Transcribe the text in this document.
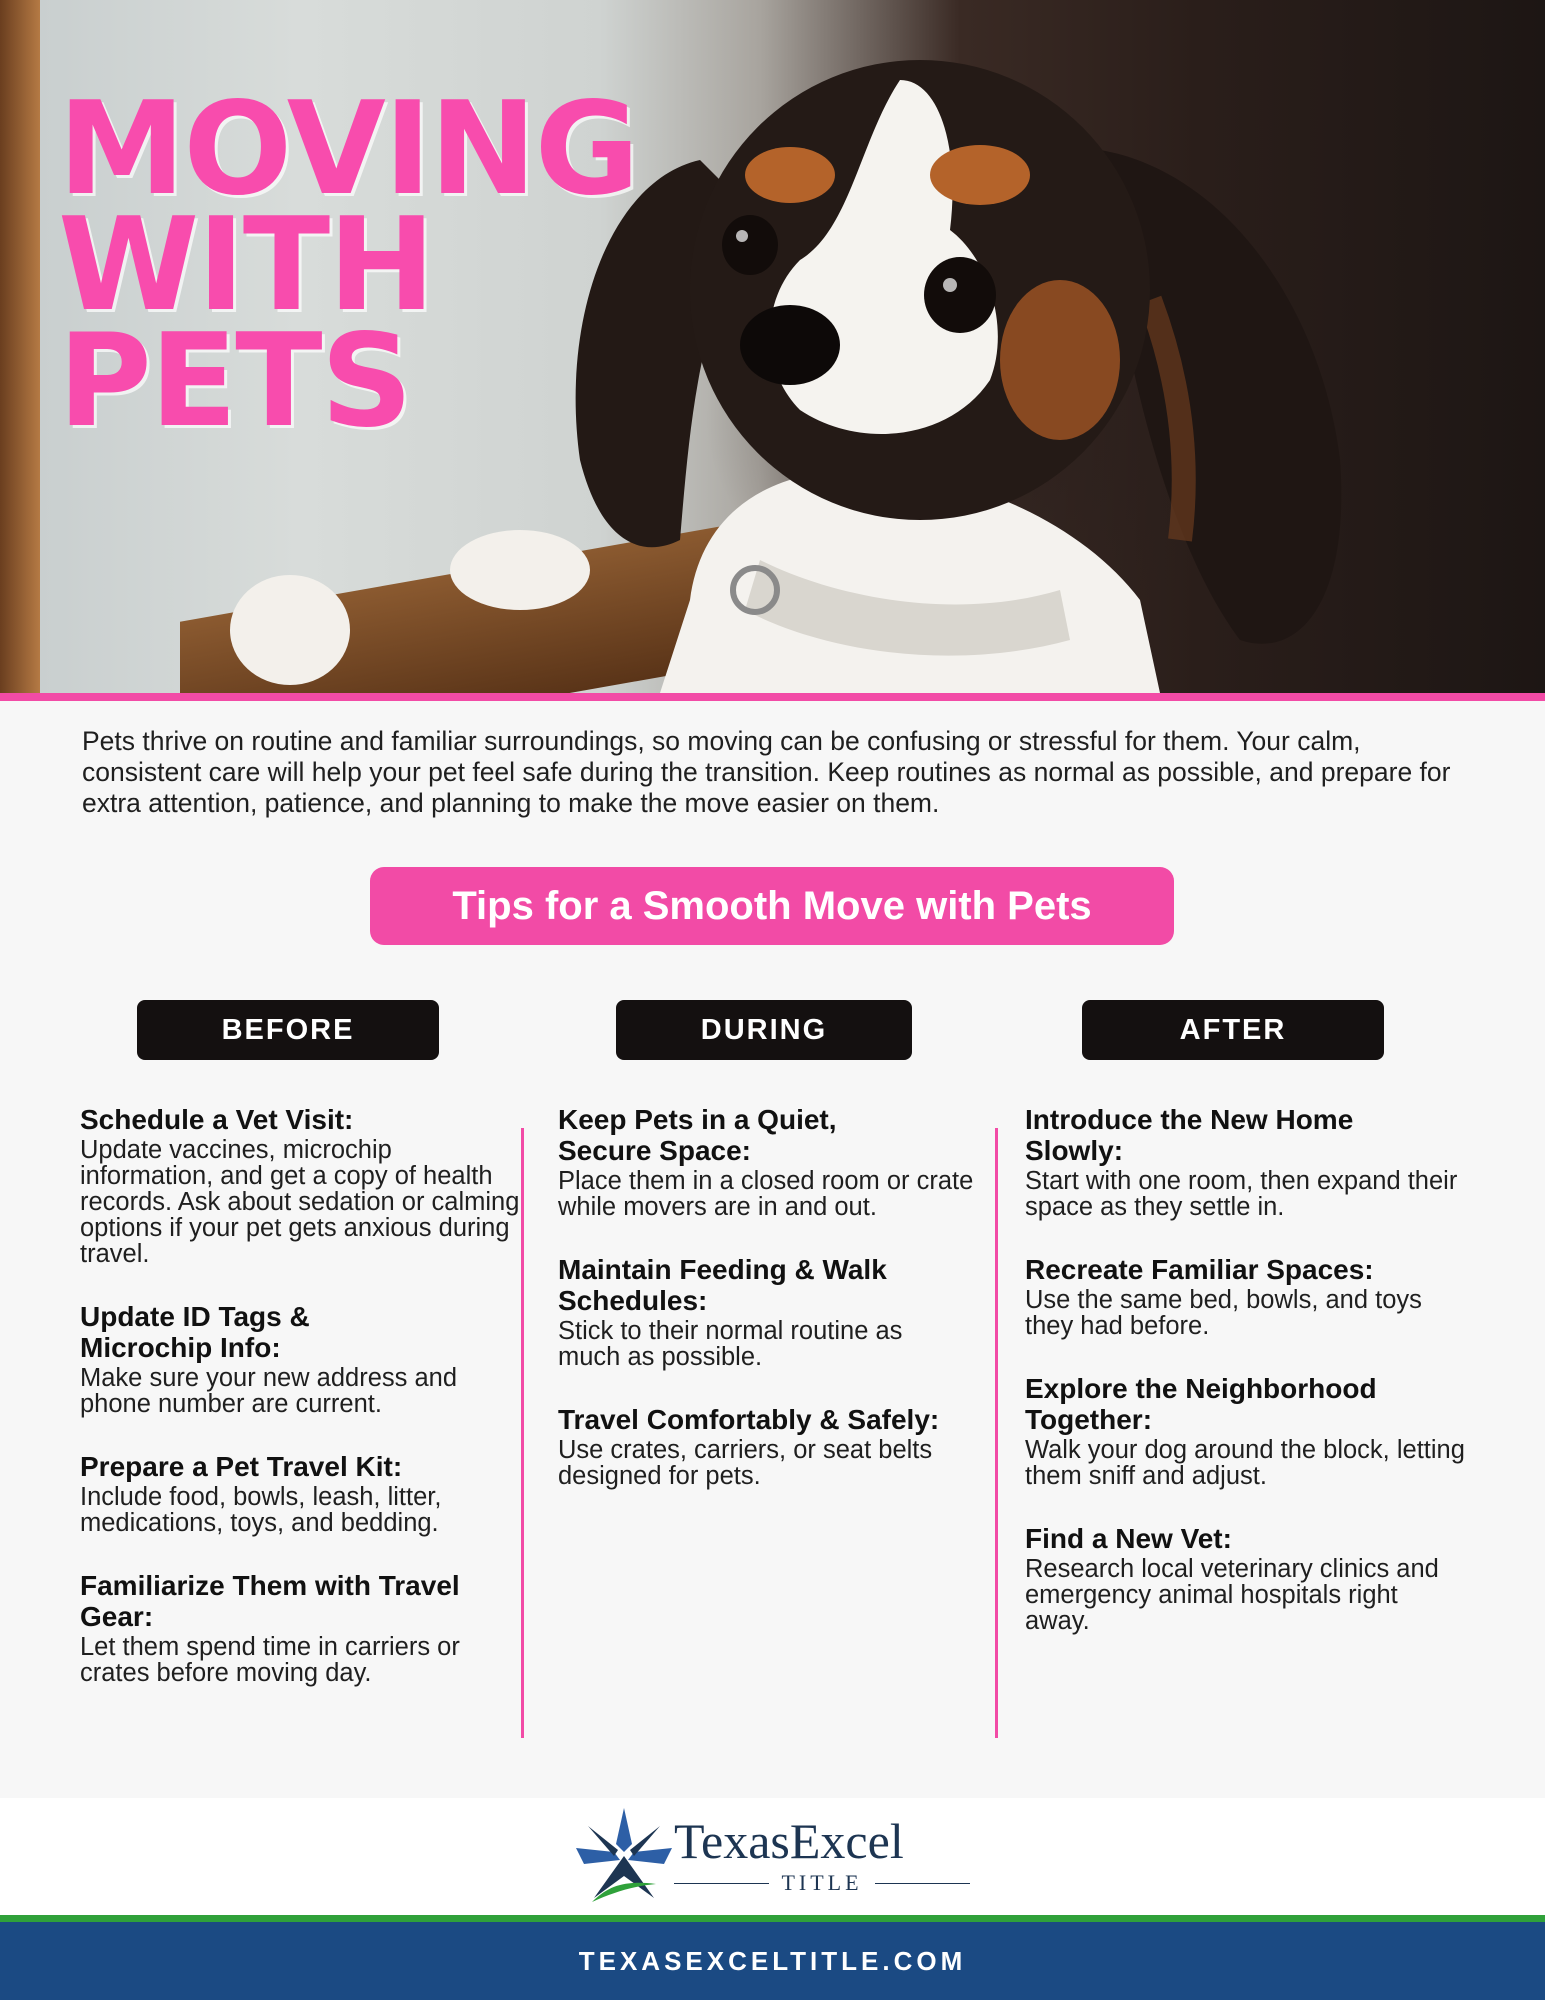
MOVING
WITH
PETS

Pets thrive on routine and familiar surroundings, so moving can be confusing or stressful for them. Your calm, consistent care will help your pet feel safe during the transition. Keep routines as normal as possible, and prepare for extra attention, patience, and planning to make the move easier on them.

Tips for a Smooth Move with Pets
BEFORE	DURING	AFTER
Schedule a Vet Visit:
Update vaccines, microchip information, and get a copy of health records. Ask about sedation or calming options if your pet gets anxious during travel.
Update ID Tags & Microchip Info:
Make sure your new address and phone number are current.
Prepare a Pet Travel Kit:
Include food, bowls, leash, litter, medications, toys, and bedding.
Familiarize Them with Travel Gear:
Let them spend time in carriers or crates before moving day.
Keep Pets in a Quiet, Secure Space:
Place them in a closed room or crate while movers are in and out.
Maintain Feeding & Walk Schedules:
Stick to their normal routine as much as possible.
Travel Comfortably & Safely:
Use crates, carriers, or seat belts designed for pets.
Introduce the New Home Slowly:
Start with one room, then expand their space as they settle in.
Recreate Familiar Spaces:
Use the same bed, bowls, and toys they had before.
Explore the Neighborhood Together:
Walk your dog around the block, letting them sniff and adjust.
Find a New Vet:
Research local veterinary clinics and emergency animal hospitals right away.
TexasExcel
TITLE
TEXASEXCELTITLE.COM
